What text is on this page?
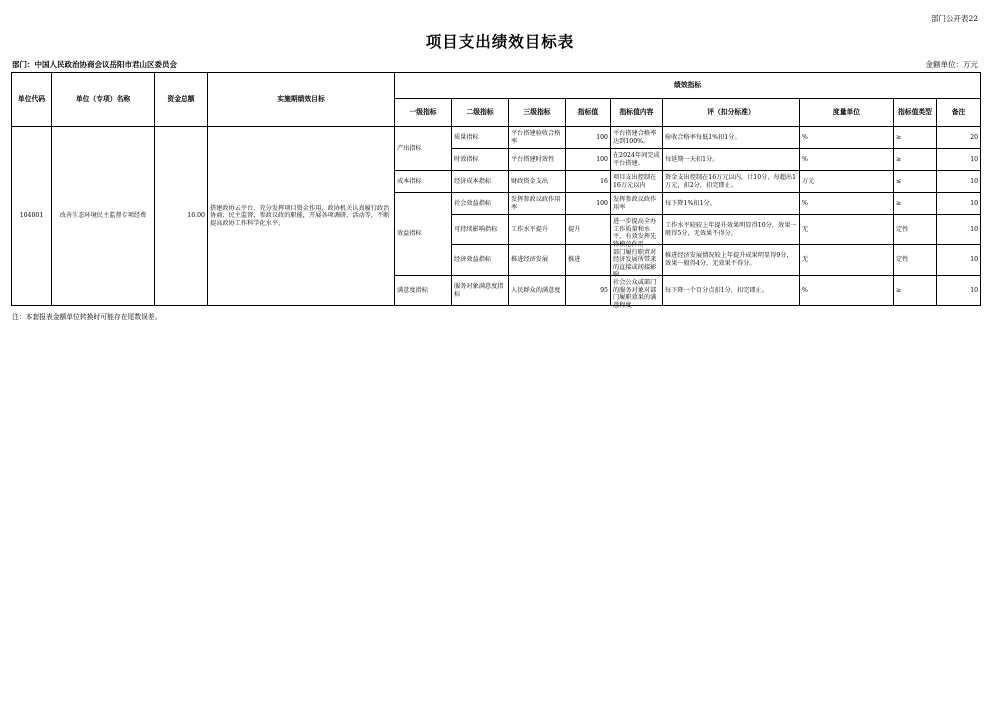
部门公开表22
项目支出绩效目标表
部门：中国人民政治协商会议岳阳市君山区委员会	金额单位：万元
单位代码	单位（专项）名称	资金总额	实施期绩效目标	绩效指标								
				一级指标	二级指标	三级指标	指标值	指标值内容	评（扣分标准）	度量单位	指标值类型	备注
104001	改善生态环境民主监督专项经费	16.00	搭建政协云平台，充分发挥项目资金作用，政协机关认真履行政治协商、民主监督、参政议政的职能，开展各项调研、活动等，不断提高政协工作科学化水平。	产出指标	质量指标	平台搭建验收合格率	100	平台搭建合格率达到100%。	验收合格率每低1%扣1分。	%	≥	20
					时效指标	平台搭建时效性	100	在2024年间完成平台搭建。	每延期一天扣1分。	%	≥	10
				成本指标	经济成本指标	财政资金支出	16	项目支出控制在16万元以内	资金支出控制在16万元以内，计10分，每超出1万元，扣2分，扣完即止。	万元	≤	10
				效益指标	社会效益指标	发挥参政议政作用率	100	发挥参政议政作用率	每下降1%扣1分。	%	≥	10
					可持续影响指标	工作水平提升	提升	进一步提高全办工作质量和水平，有效发挥先锋模范作用	工作水平较较上年提升效果明显得10分，效果一般得5分，无效果不得分。	无	定性	10
					经济效益指标	推进经济发展	推进	部门履行职责对经济发展所带来的直接或间接影响	推进经济发展情况较上年提升成果明显得9分，效果一般得4分，无效果不得分。	无	定性	10
				满意度指标	服务对象满意度指标	人民群众的满意度	95	社会公众或部门的服务对象对部门履职效果的满意程度	每下降一个百分点扣1分，扣完即止。	%	≥	10
注：本套报表金额单位转换时可能存在尾数误差。
